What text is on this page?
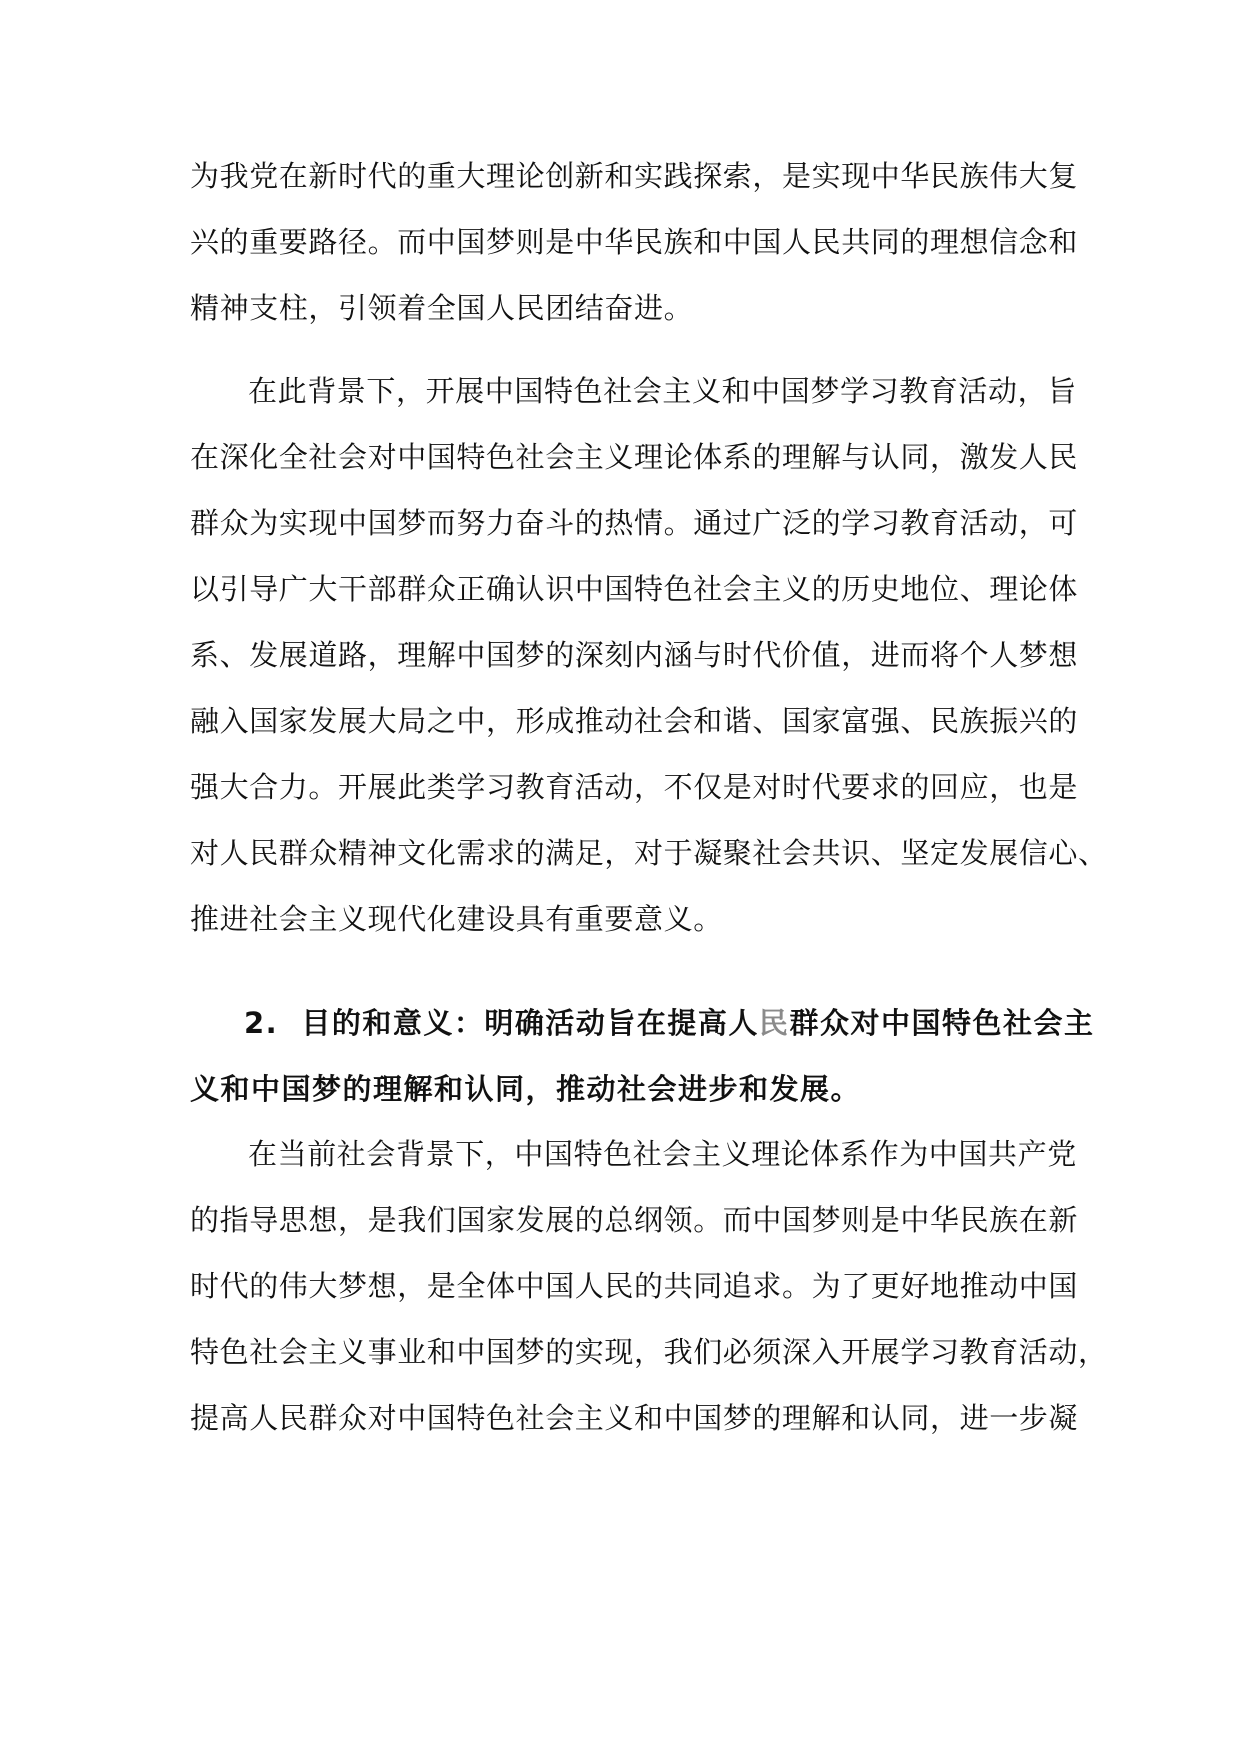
为我党在新时代的重大理论创新和实践探索，是实现中华民族伟大复
兴的重要路径。而中国梦则是中华民族和中国人民共同的理想信念和
精神支柱，引领着全国人民团结奋进。
在此背景下，开展中国特色社会主义和中国梦学习教育活动，旨
在深化全社会对中国特色社会主义理论体系的理解与认同，激发人民
群众为实现中国梦而努力奋斗的热情。通过广泛的学习教育活动，可
以引导广大干部群众正确认识中国特色社会主义的历史地位、理论体
系、发展道路，理解中国梦的深刻内涵与时代价值，进而将个人梦想
融入国家发展大局之中，形成推动社会和谐、国家富强、民族振兴的
强大合力。开展此类学习教育活动，不仅是对时代要求的回应，也是
对人民群众精神文化需求的满足，对于凝聚社会共识、坚定发展信心、
推进社会主义现代化建设具有重要意义。
2. 目的和意义：明确活动旨在提高人民群众对中国特色社会主
义和中国梦的理解和认同，推动社会进步和发展。
在当前社会背景下，中国特色社会主义理论体系作为中国共产党
的指导思想，是我们国家发展的总纲领。而中国梦则是中华民族在新
时代的伟大梦想，是全体中国人民的共同追求。为了更好地推动中国
特色社会主义事业和中国梦的实现，我们必须深入开展学习教育活动，
提高人民群众对中国特色社会主义和中国梦的理解和认同，进一步凝
